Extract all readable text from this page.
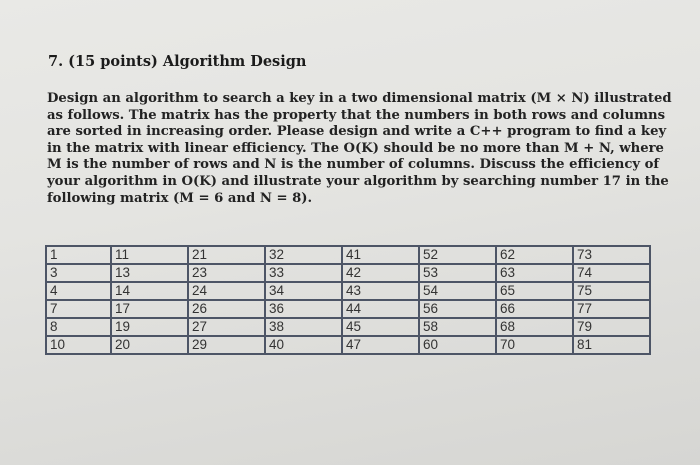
7. (15 points) Algorithm Design
Design an algorithm to search a key in a two dimensional matrix (M × N) illustrated
as follows. The matrix has the property that the numbers in both rows and columns
are sorted in increasing order. Please design and write a C++ program to find a key
in the matrix with linear efficiency. The O(K) should be no more than M + N, where
M is the number of rows and N is the number of columns. Discuss the efficiency of
your algorithm in O(K) and illustrate your algorithm by searching number 17 in the
following matrix (M = 6 and N = 8).
1	11	21	32	41	52	62	73
3	13	23	33	42	53	63	74
4	14	24	34	43	54	65	75
7	17	26	36	44	56	66	77
8	19	27	38	45	58	68	79
10	20	29	40	47	60	70	81
